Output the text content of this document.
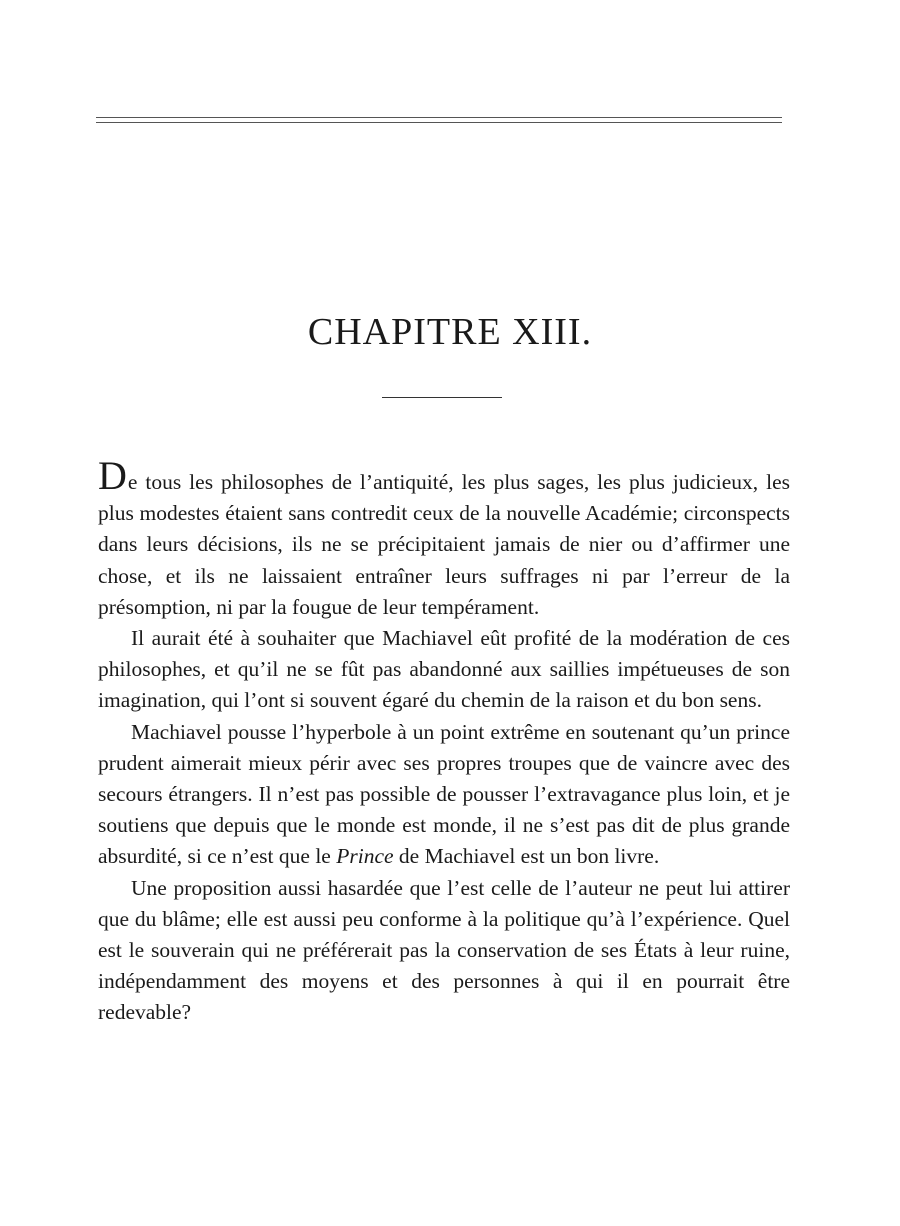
CHAPITRE XIII.

De tous les philosophes de l’antiquité, les plus sages, les plus judicieux, les plus modestes étaient sans contredit ceux de la nouvelle Académie; circonspects dans leurs décisions, ils ne se précipitaient jamais de nier ou d’affirmer une chose, et ils ne laissaient entraîner leurs suffrages ni par l’erreur de la présomption, ni par la fougue de leur tempérament.

Il aurait été à souhaiter que Machiavel eût profité de la modération de ces philosophes, et qu’il ne se fût pas abandonné aux saillies impétueuses de son imagination, qui l’ont si souvent égaré du chemin de la raison et du bon sens.

Machiavel pousse l’hyperbole à un point extrême en soutenant qu’un prince prudent aimerait mieux périr avec ses propres troupes que de vaincre avec des secours étrangers. Il n’est pas possible de pousser l’extravagance plus loin, et je soutiens que depuis que le monde est monde, il ne s’est pas dit de plus grande absurdité, si ce n’est que le Prince de Machiavel est un bon livre.

Une proposition aussi hasardée que l’est celle de l’auteur ne peut lui attirer que du blâme; elle est aussi peu conforme à la politique qu’à l’expérience. Quel est le souverain qui ne préférerait pas la conservation de ses États à leur ruine, indépendamment des moyens et des personnes à qui il en pourrait être redevable?
